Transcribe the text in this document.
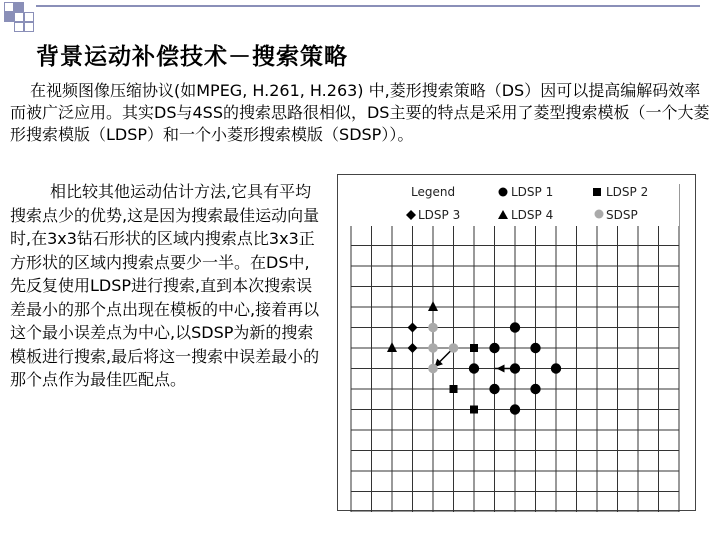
背景运动补偿技术－搜索策略
在视频图像压缩协议(如MPEG, H.261, H.263) 中,菱形搜索策略（DS）因可以提高编解码效率而被广泛应用。其实DS与4SS的搜索思路很相似，DS主要的特点是采用了菱型搜索模板（一个大菱形搜索模版（LDSP）和一个小菱形搜索模版（SDSP））。
相比较其他运动估计方法,它具有平均搜索点少的优势,这是因为搜索最佳运动向量时,在3x3钻石形状的区域内搜索点比3x3正方形状的区域内搜索点要少一半。在DS中,先反复使用LDSP进行搜索,直到本次搜索误差最小的那个点出现在模板的中心,接着再以这个最小误差点为中心,以SDSP为新的搜索模板进行搜索,最后将这一搜索中误差最小的那个点作为最佳匹配点。
Legend	LDSP 1	LDSP 2
LDSP 3	LDSP 4	SDSP
